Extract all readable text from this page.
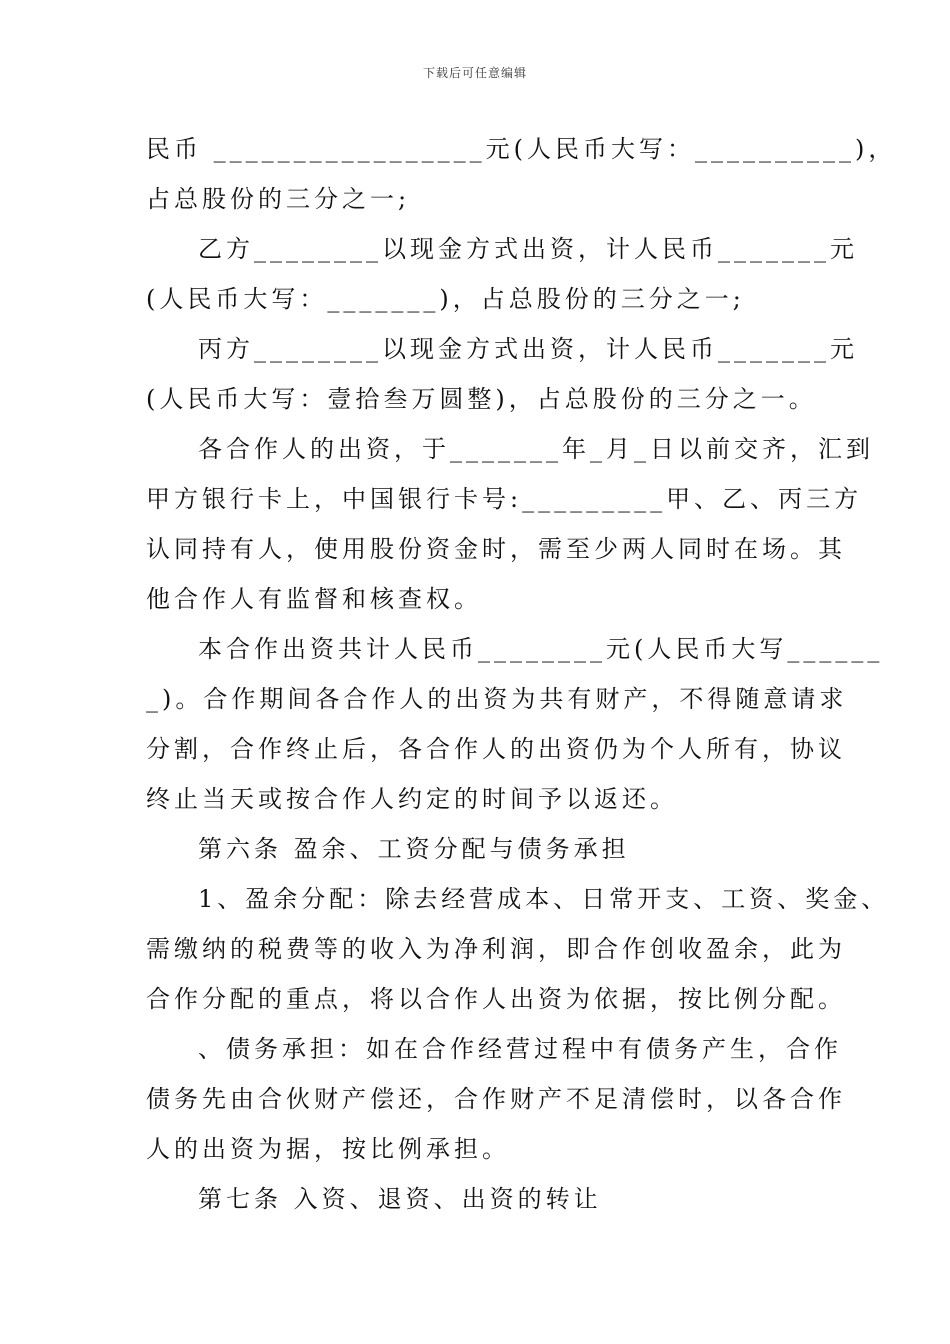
下载后可任意编辑
民币 _________________元(人民币大写：__________)，
占总股份的三分之一;
乙方________以现金方式出资，计人民币_______元
(人民币大写：_______)，占总股份的三分之一;
丙方________以现金方式出资，计人民币_______元
(人民币大写：壹拾叁万圆整)，占总股份的三分之一。
各合作人的出资，于_______年_月_日以前交齐，汇到
甲方银行卡上，中国银行卡号:_________甲、乙、丙三方
认同持有人，使用股份资金时，需至少两人同时在场。其
他合作人有监督和核查权。
本合作出资共计人民币________元(人民币大写______
_)。合作期间各合作人的出资为共有财产，不得随意请求
分割，合作终止后，各合作人的出资仍为个人所有，协议
终止当天或按合作人约定的时间予以返还。
第六条 盈余、工资分配与债务承担
1、盈余分配：除去经营成本、日常开支、工资、奖金、
需缴纳的税费等的收入为净利润，即合作创收盈余，此为
合作分配的重点，将以合作人出资为依据，按比例分配。
、债务承担：如在合作经营过程中有债务产生，合作
债务先由合伙财产偿还，合作财产不足清偿时，以各合作
人的出资为据，按比例承担。
第七条 入资、退资、出资的转让
